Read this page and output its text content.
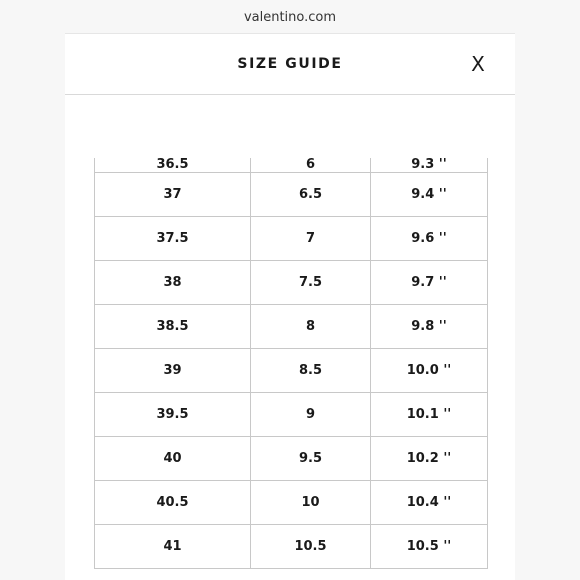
valentino.com
SIZE GUIDE	X
36.5	6	9.3 ''
37	6.5	9.4 ''
37.5	7	9.6 ''
38	7.5	9.7 ''
38.5	8	9.8 ''
39	8.5	10.0 ''
39.5	9	10.1 ''
40	9.5	10.2 ''
40.5	10	10.4 ''
41	10.5	10.5 ''
